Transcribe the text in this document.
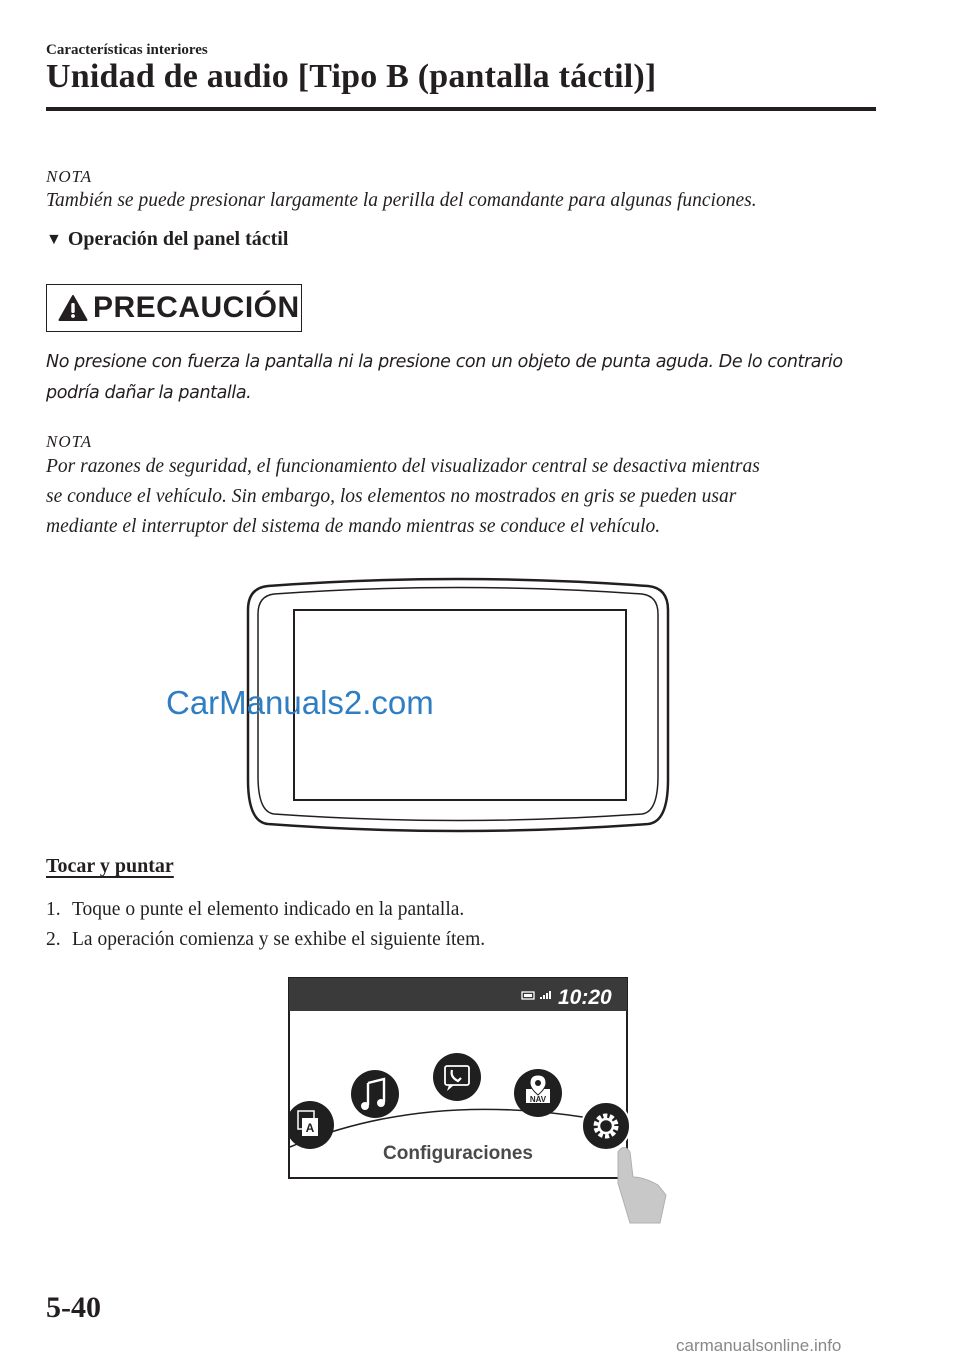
Características interiores
Unidad de audio [Tipo B (pantalla táctil)]
NOTA
También se puede presionar largamente la perilla del comandante para algunas funciones.
▼ Operación del panel táctil
PRECAUCIÓN
No presione con fuerza la pantalla ni la presione con un objeto de punta aguda. De lo contrario podría dañar la pantalla.
NOTA
Por razones de seguridad, el funcionamiento del visualizador central se desactiva mientras
se conduce el vehículo. Sin embargo, los elementos no mostrados en gris se pueden usar
mediante el interruptor del sistema de mando mientras se conduce el vehículo.
CarManuals2.com
Tocar y puntar
1. Toque o punte el elemento indicado en la pantalla.
2. La operación comienza y se exhibe el siguiente ítem.
10:20
A
NAV
Configuraciones
5-40
carmanualsonline.info
